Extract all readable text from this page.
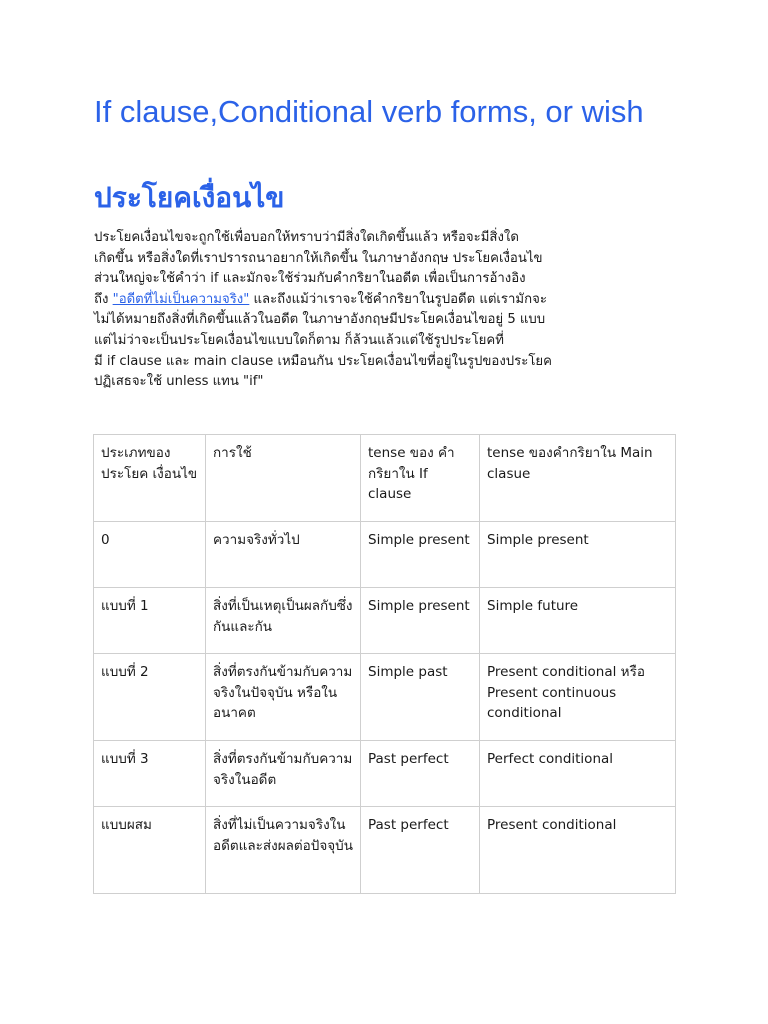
If clause,Conditional verb forms, or wish
ประโยคเงื่อนไข
ประโยคเงื่อนไขจะถูกใช้เพื่อบอกให้ทราบว่ามีสิ่งใดเกิดขึ้นแล้ว หรือจะมีสิ่งใด
เกิดขึ้น หรือสิ่งใดที่เราปรารถนาอยากให้เกิดขึ้น ในภาษาอังกฤษ ประโยคเงื่อนไข
ส่วนใหญ่จะใช้คำว่า if และมักจะใช้ร่วมกับคำกริยาในอดีต เพื่อเป็นการอ้างอิง
ถึง "อดีตที่ไม่เป็นความจริง" และถึงแม้ว่าเราจะใช้คำกริยาในรูปอดีต แต่เรามักจะ
ไม่ได้หมายถึงสิ่งที่เกิดขึ้นแล้วในอดีต ในภาษาอังกฤษมีประโยคเงื่อนไขอยู่ 5 แบบ
แต่ไม่ว่าจะเป็นประโยคเงื่อนไขแบบใดก็ตาม ก็ล้วนแล้วแต่ใช้รูปประโยคที่
มี if clause และ main clause เหมือนกัน ประโยคเงื่อนไขที่อยู่ในรูปของประโยค
ปฏิเสธจะใช้ unless แทน "if"
ประเภทของ ประโยค เงื่อนไข	การใช้	tense ของ คำกริยาใน If clause	tense ของคำกริยาใน Main clasue
0	ความจริงทั่วไป	Simple present	Simple present
แบบที่ 1	สิ่งที่เป็นเหตุเป็นผลกับซึ่งกันและกัน	Simple present	Simple future
แบบที่ 2	สิ่งที่ตรงกันข้ามกับความจริงในปัจจุบัน หรือในอนาคต	Simple past	Present conditional หรือ Present continuous conditional
แบบที่ 3	สิ่งที่ตรงกันข้ามกับความจริงในอดีต	Past perfect	Perfect conditional
แบบผสม	สิ่งที่ไม่เป็นความจริงในอดีตและส่งผลต่อปัจจุบัน	Past perfect	Present conditional
